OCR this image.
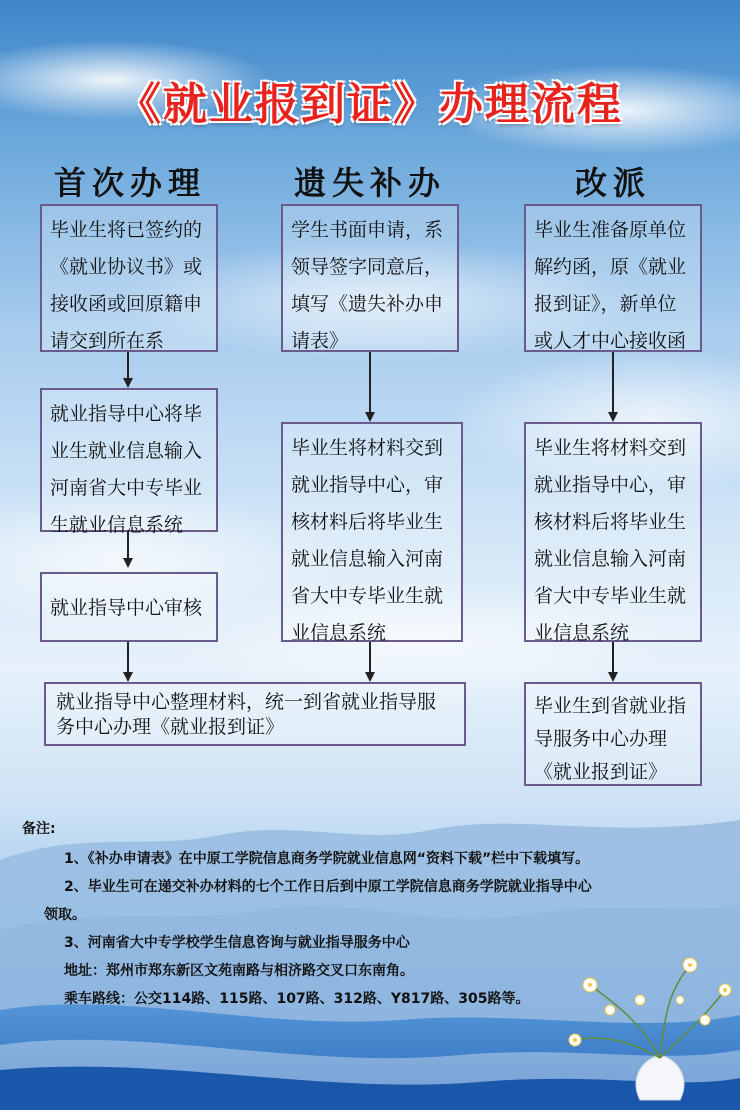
《就业报到证》办理流程
首次办理	遗失补办	改派
毕业生将已签约的《就业协议书》或接收函或回原籍申请交到所在系
就业指导中心将毕业生就业信息输入河南省大中专毕业生就业信息系统
就业指导中心审核
学生书面申请，系领导签字同意后，填写《遗失补办申请表》
毕业生将材料交到就业指导中心，审核材料后将毕业生就业信息输入河南省大中专毕业生就业信息系统
毕业生准备原单位解约函，原《就业报到证》，新单位或人才中心接收函
毕业生将材料交到就业指导中心，审核材料后将毕业生就业信息输入河南省大中专毕业生就业信息系统
毕业生到省就业指导服务中心办理《就业报到证》
就业指导中心整理材料，统一到省就业指导服务中心办理《就业报到证》
备注:
1、《补办申请表》在中原工学院信息商务学院就业信息网“资料下载”栏中下载填写。
2、毕业生可在递交补办材料的七个工作日后到中原工学院信息商务学院就业指导中心
领取。
3、河南省大中专学校学生信息咨询与就业指导服务中心
地址：郑州市郑东新区文苑南路与相济路交叉口东南角。
乘车路线：公交114路、115路、107路、312路、Y817路、305路等。
